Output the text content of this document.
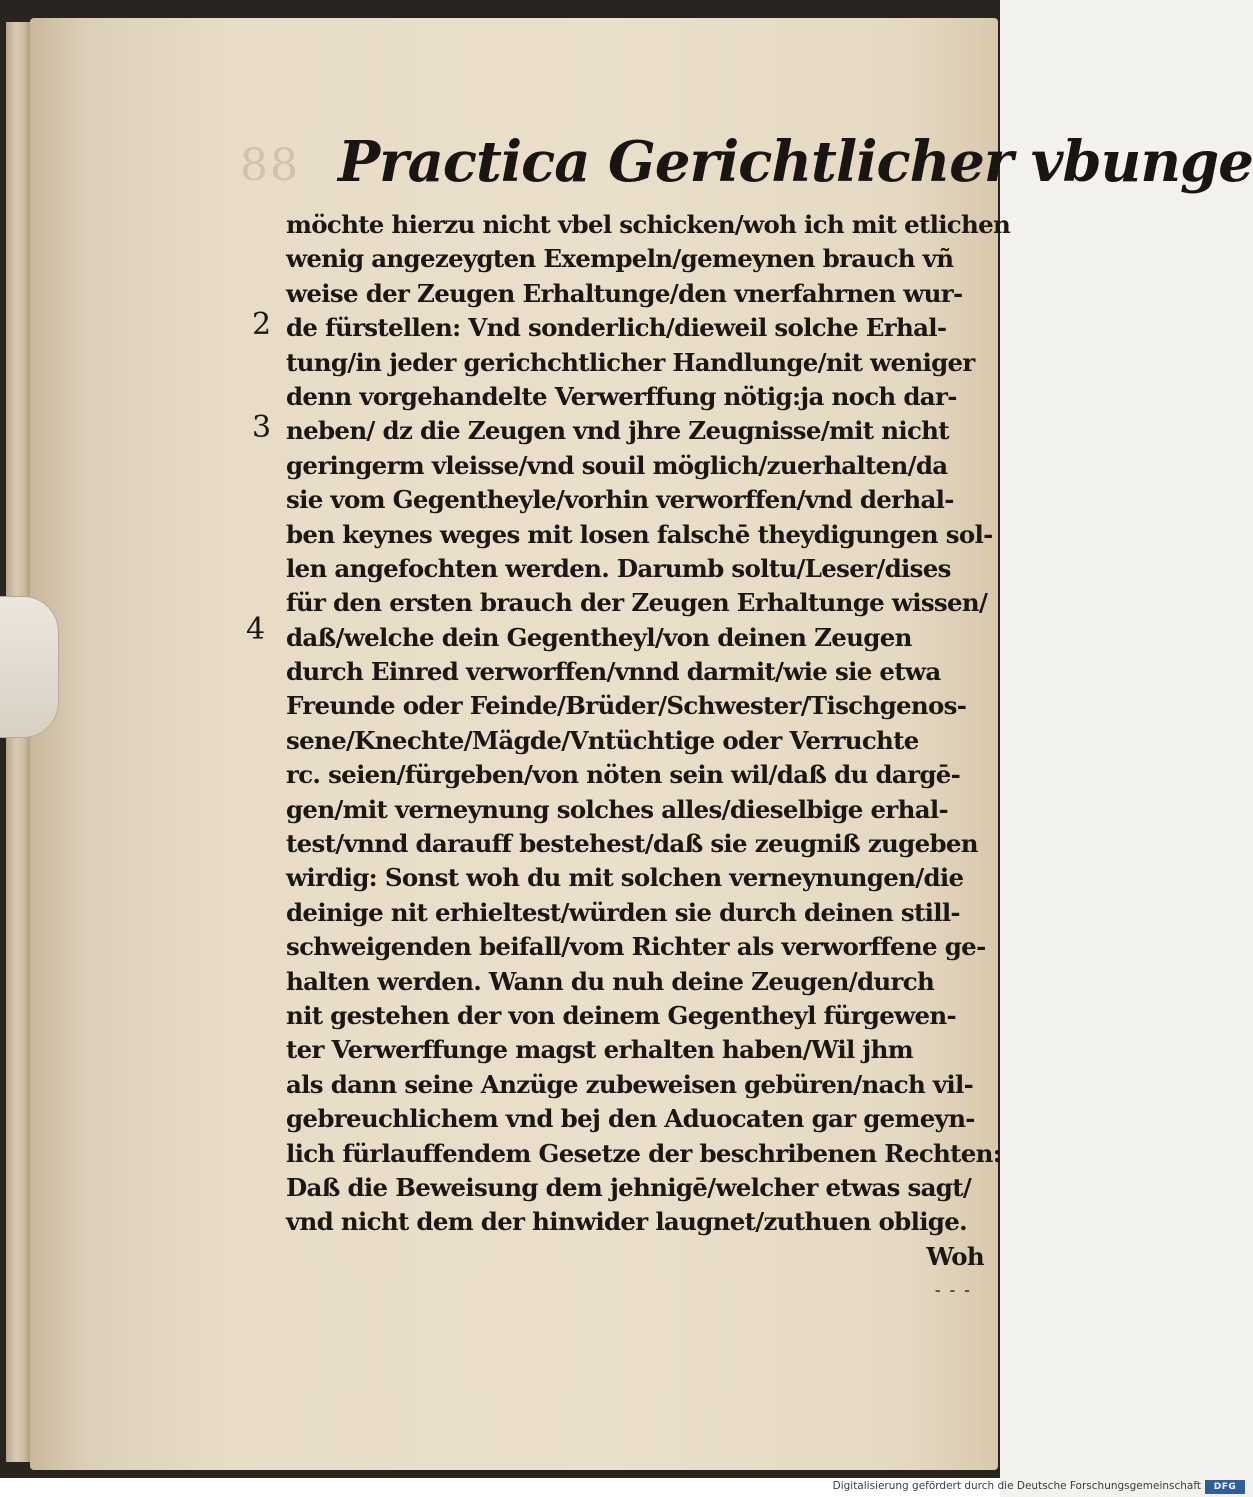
88 Practica Gerichtlicher vbunge
2
3
4
möchte hierzu nicht vbel schicken/woh ich mit etlichen
wenig angezeygten Exempeln/gemeynen brauch vñ
weise der Zeugen Erhaltunge/den vnerfahrnen wur-
de fürstellen: Vnd sonderlich/dieweil solche Erhal-
tung/in jeder gerichchtlicher Handlunge/nit weniger
denn vorgehandelte Verwerffung nötig:ja noch dar-
neben/ dz die Zeugen vnd jhre Zeugnisse/mit nicht
geringerm vleisse/vnd souil möglich/zuerhalten/da
sie vom Gegentheyle/vorhin verworffen/vnd derhal-
ben keynes weges mit losen falschē theydigungen sol-
len angefochten werden. Darumb soltu/Leser/dises
für den ersten brauch der Zeugen Erhaltunge wissen/
daß/welche dein Gegentheyl/von deinen Zeugen
durch Einred verworffen/vnnd darmit/wie sie etwa
Freunde oder Feinde/Brüder/Schwester/Tischgenos-
sene/Knechte/Mägde/Vntüchtige oder Verruchte
rc. seien/fürgeben/von nöten sein wil/daß du dargē-
gen/mit verneynung solches alles/dieselbige erhal-
test/vnnd darauff bestehest/daß sie zeugniß zugeben
wirdig: Sonst woh du mit solchen verneynungen/die
deinige nit erhieltest/würden sie durch deinen still-
schweigenden beifall/vom Richter als verworffene ge-
halten werden. Wann du nuh deine Zeugen/durch
nit gestehen der von deinem Gegentheyl fürgewen-
ter Verwerffunge magst erhalten haben/Wil jhm
als dann seine Anzüge zubeweisen gebüren/nach vil-
gebreuchlichem vnd bej den Aduocaten gar gemeyn-
lich fürlauffendem Gesetze der beschribenen Rechten:
Daß die Beweisung dem jehnigē/welcher etwas sagt/
vnd nicht dem der hinwider laugnet/zuthuen oblige.
Woh
- - -
Digitalisierung gefördert durch die Deutsche Forschungsgemeinschaft	DFG
